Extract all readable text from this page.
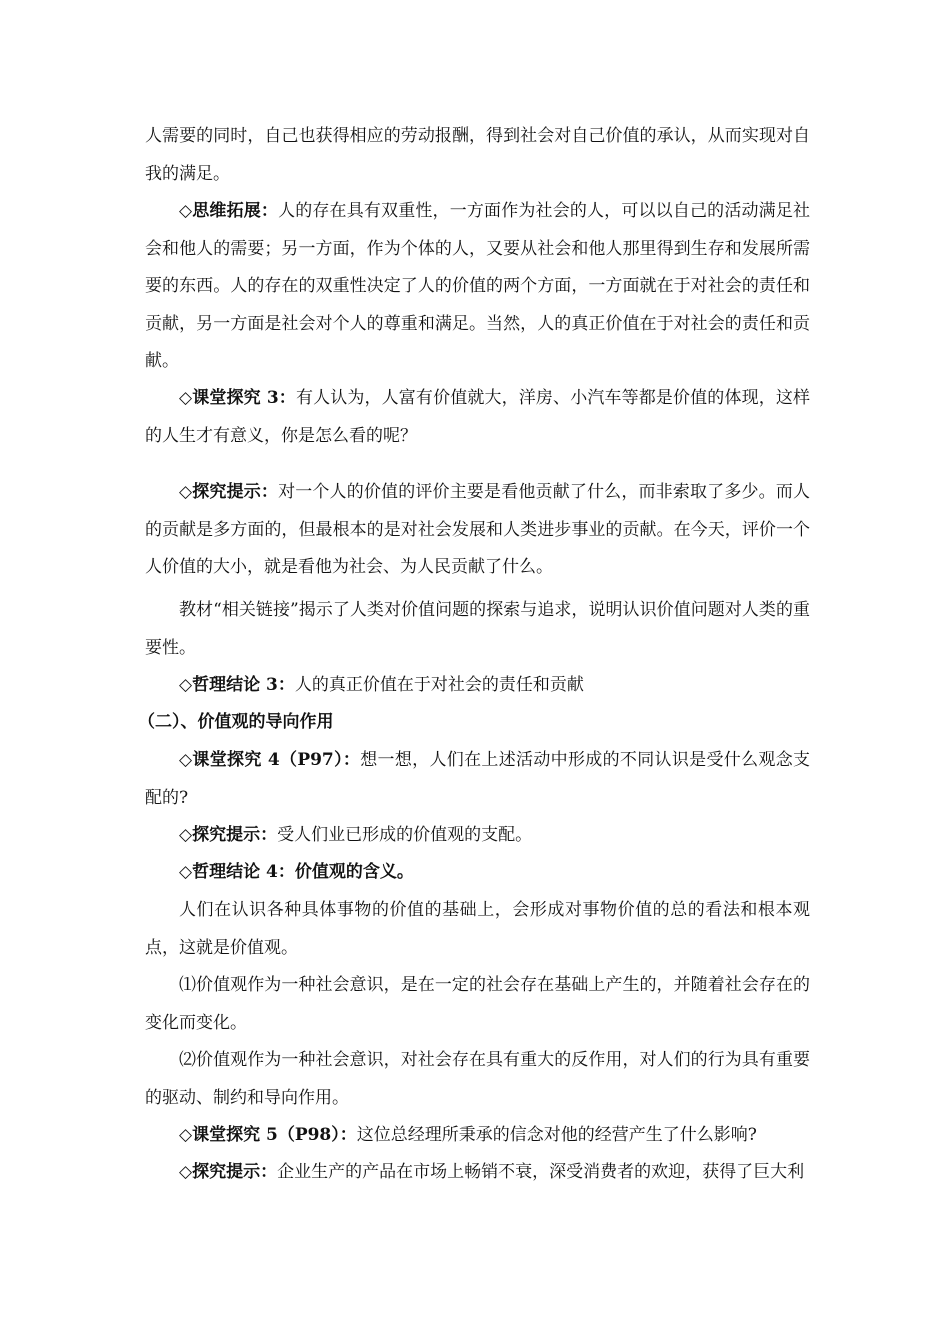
人需要的同时，自己也获得相应的劳动报酬，得到社会对自己价值的承认，从而实现对自我的满足。

◇思维拓展：人的存在具有双重性，一方面作为社会的人，可以以自己的活动满足社会和他人的需要；另一方面，作为个体的人，又要从社会和他人那里得到生存和发展所需要的东西。人的存在的双重性决定了人的价值的两个方面，一方面就在于对社会的责任和贡献，另一方面是社会对个人的尊重和满足。当然，人的真正价值在于对社会的责任和贡献。

◇课堂探究 3：有人认为，人富有价值就大，洋房、小汽车等都是价值的体现，这样的人生才有意义，你是怎么看的呢？

◇探究提示：对一个人的价值的评价主要是看他贡献了什么，而非索取了多少。而人的贡献是多方面的，但最根本的是对社会发展和人类进步事业的贡献。在今天，评价一个人价值的大小，就是看他为社会、为人民贡献了什么。

教材“相关链接”揭示了人类对价值问题的探索与追求，说明认识价值问题对人类的重要性。

◇哲理结论 3：人的真正价值在于对社会的责任和贡献

（二）、价值观的导向作用

◇课堂探究 4（P97）：想一想，人们在上述活动中形成的不同认识是受什么观念支配的?

◇探究提示：受人们业已形成的价值观的支配。

◇哲理结论 4：价值观的含义。

人们在认识各种具体事物的价值的基础上，会形成对事物价值的总的看法和根本观点，这就是价值观。

⑴价值观作为一种社会意识，是在一定的社会存在基础上产生的，并随着社会存在的变化而变化。

⑵价值观作为一种社会意识，对社会存在具有重大的反作用，对人们的行为具有重要的驱动、制约和导向作用。

◇课堂探究 5（P98）：这位总经理所秉承的信念对他的经营产生了什么影响?

◇探究提示：企业生产的产品在市场上畅销不衰，深受消费者的欢迎，获得了巨大利
